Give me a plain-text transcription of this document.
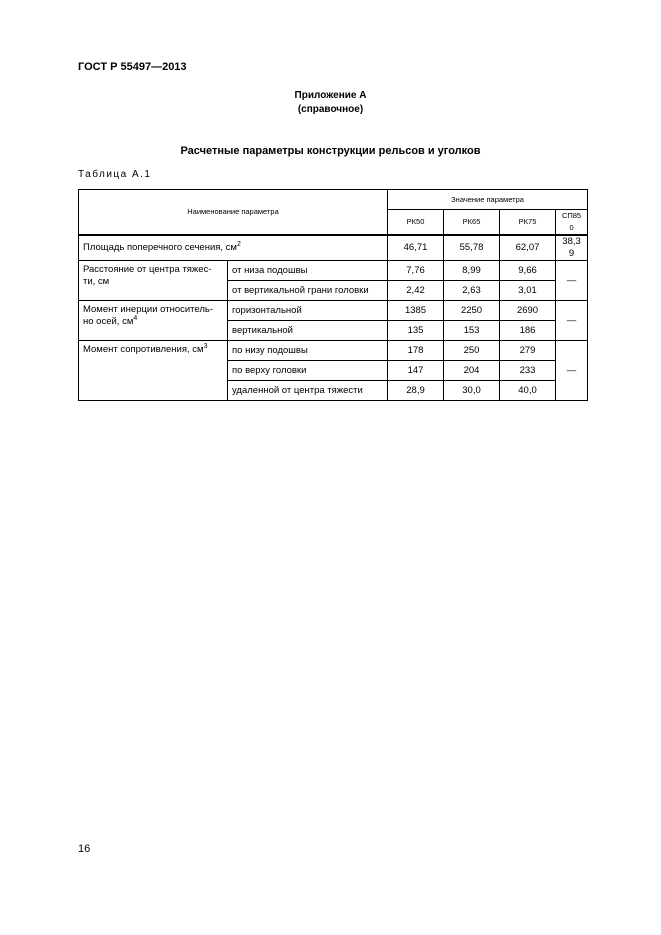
ГОСТ Р 55497—2013
Приложение А
(справочное)
Расчетные параметры конструкции рельсов и уголков
Таблица А.1
Наименование параметра		Значение параметра			
		РК50	РК65	РК75	СП850
Площадь поперечного сечения, $см^2$		46,71	55,78	62,07	38,39
Расстояние от центра тяжес-ти, см	от низа подошвы	7,76	8,99	9,66	—
	от вертикальной грани головки	2,42	2,63	3,01	
Момент инерции относитель-но осей, $см^4$	горизонтальной	1385	2250	2690	—
	вертикальной	135	153	186	
Момент сопротивления, $см^3$	по низу подошвы	178	250	279	—
	по верху головки	147	204	233	
	удаленной от центра тяжести	28,9	30,0	40,0	
16
